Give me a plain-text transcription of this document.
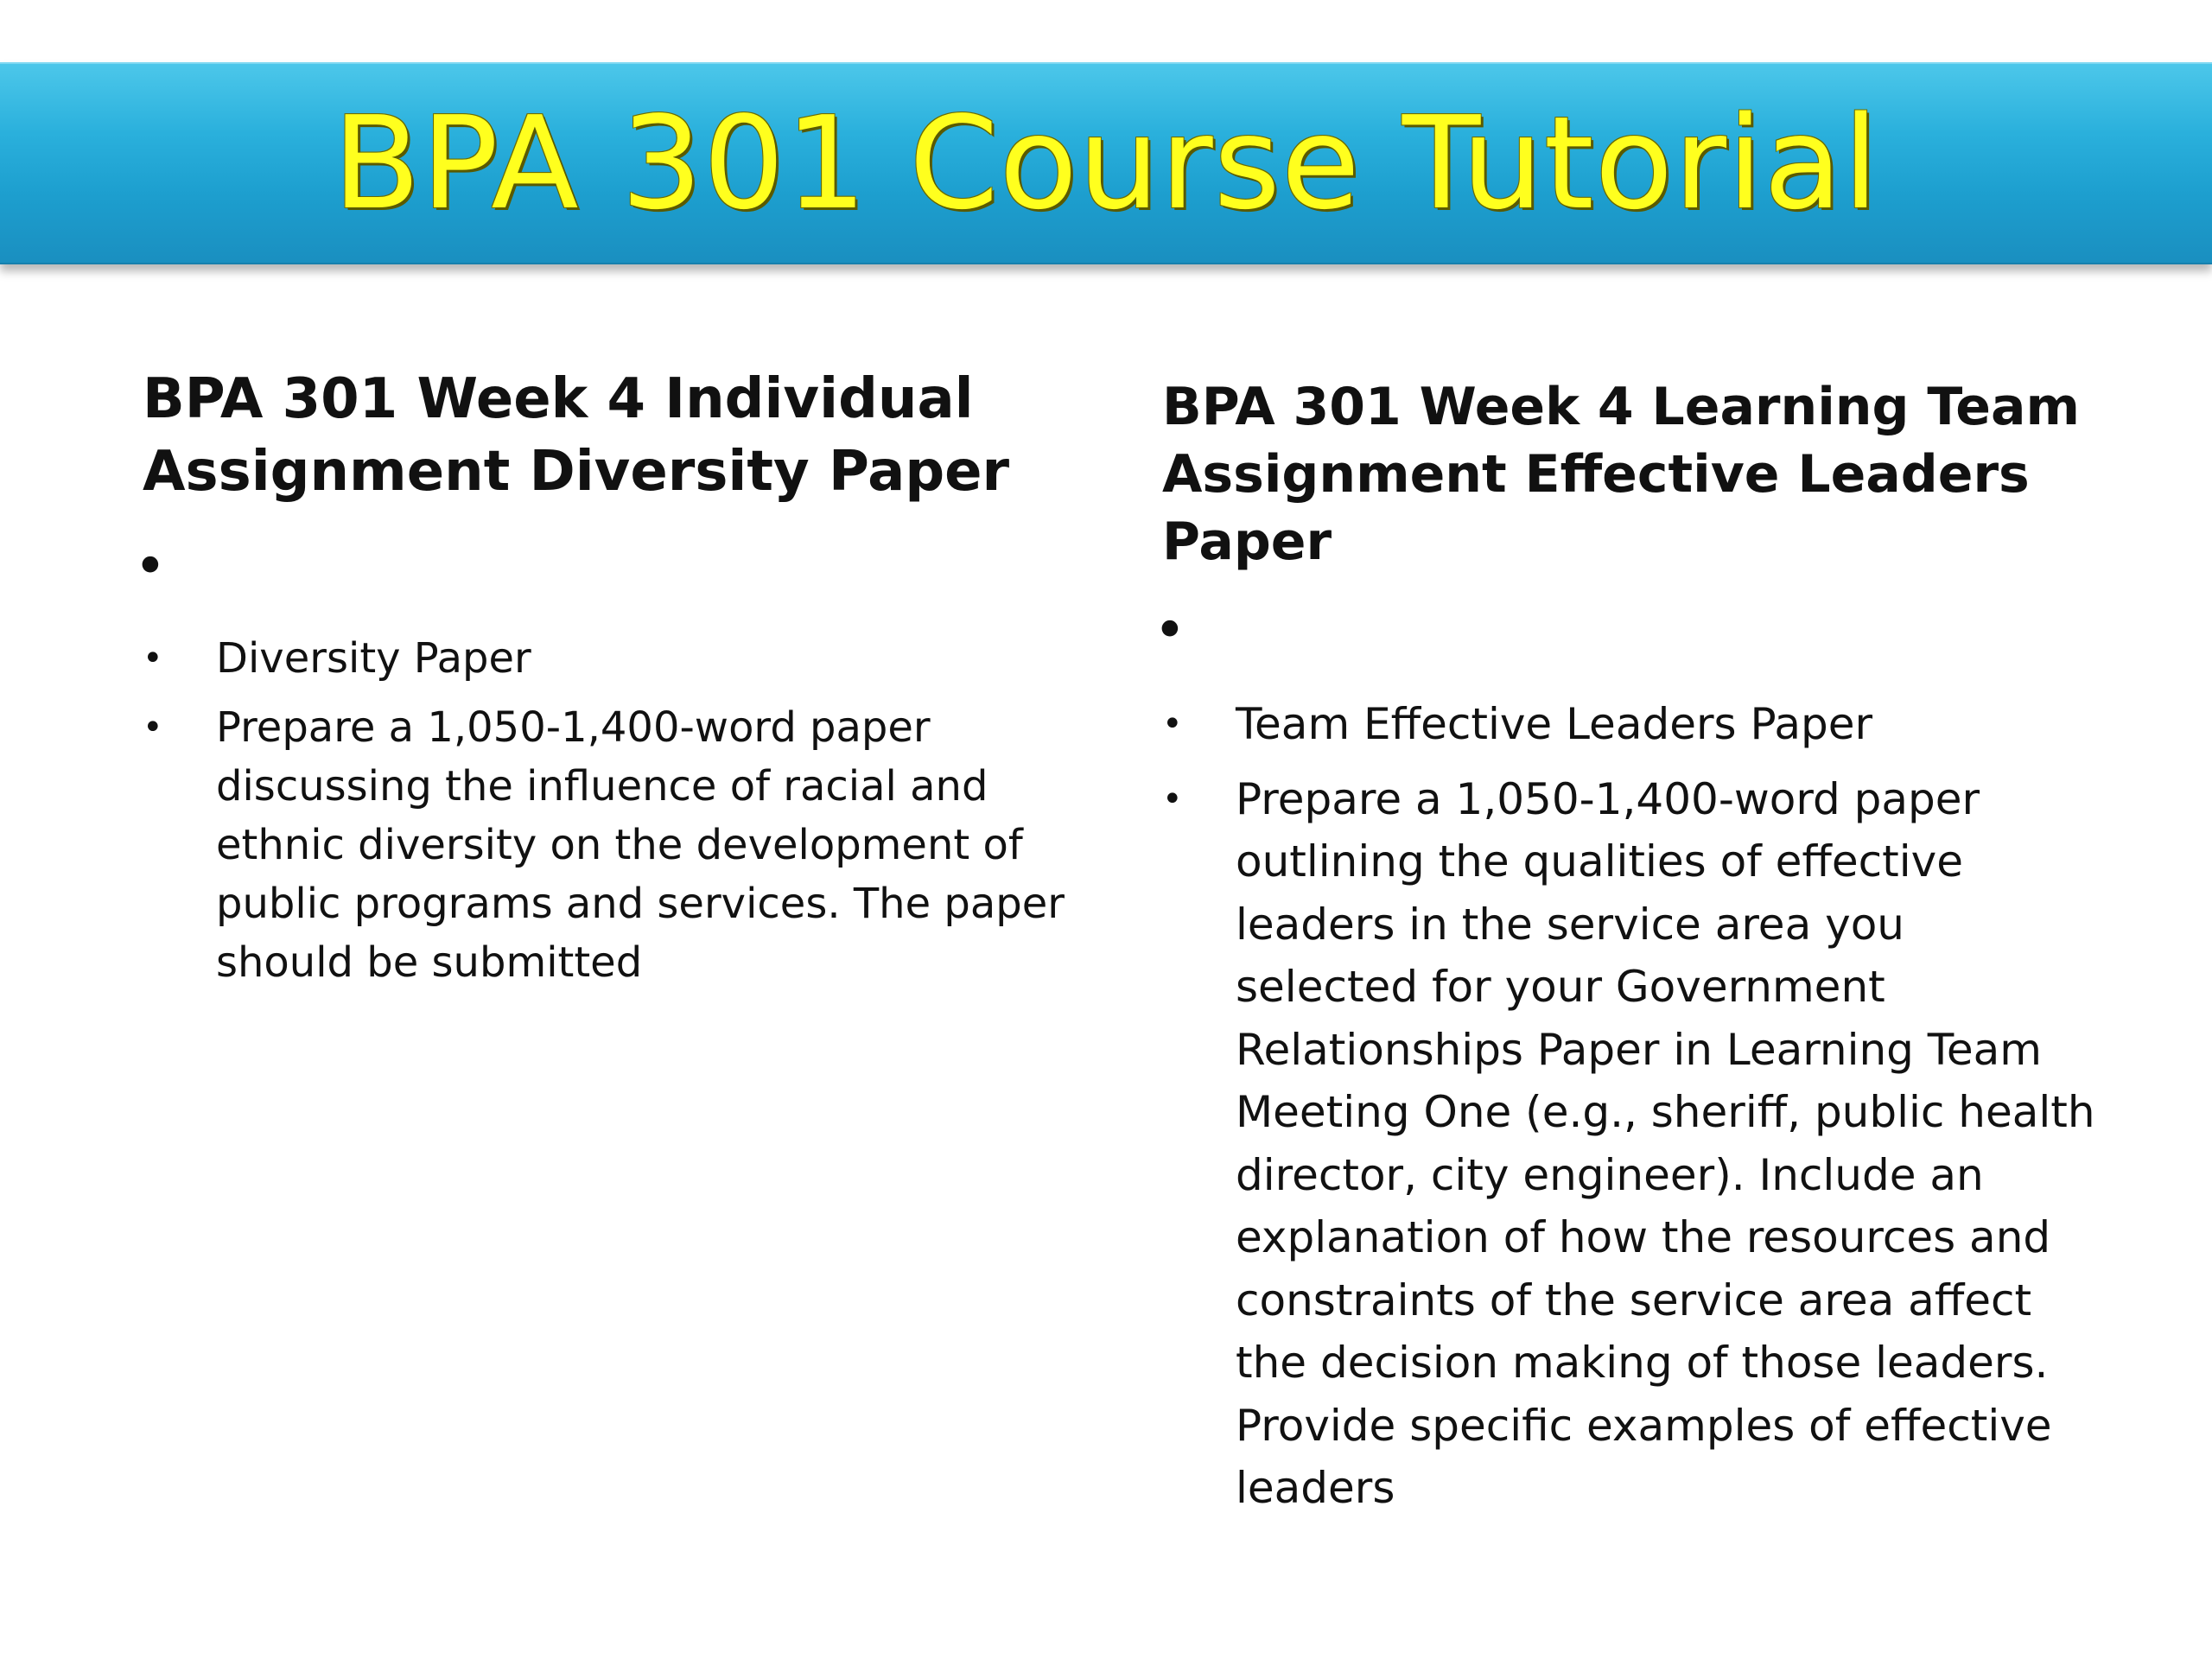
BPA 301 Course Tutorial
BPA 301 Week 4 Individual
Assignment Diversity Paper
•
• Diversity Paper
• Prepare a 1,050-1,400-word paper discussing the influence of racial and ethnic diversity on the development of public programs and services. The paper should be submitted
BPA 301 Week 4 Learning Team
Assignment Effective Leaders Paper
•
• Team Effective Leaders Paper
• Prepare a 1,050-1,400-word paper outlining the qualities of effective leaders in the service area you selected for your Government Relationships Paper in Learning Team Meeting One (e.g., sheriff, public health director, city engineer). Include an explanation of how the resources and constraints of the service area affect the decision making of those leaders. Provide specific examples of effective leaders
